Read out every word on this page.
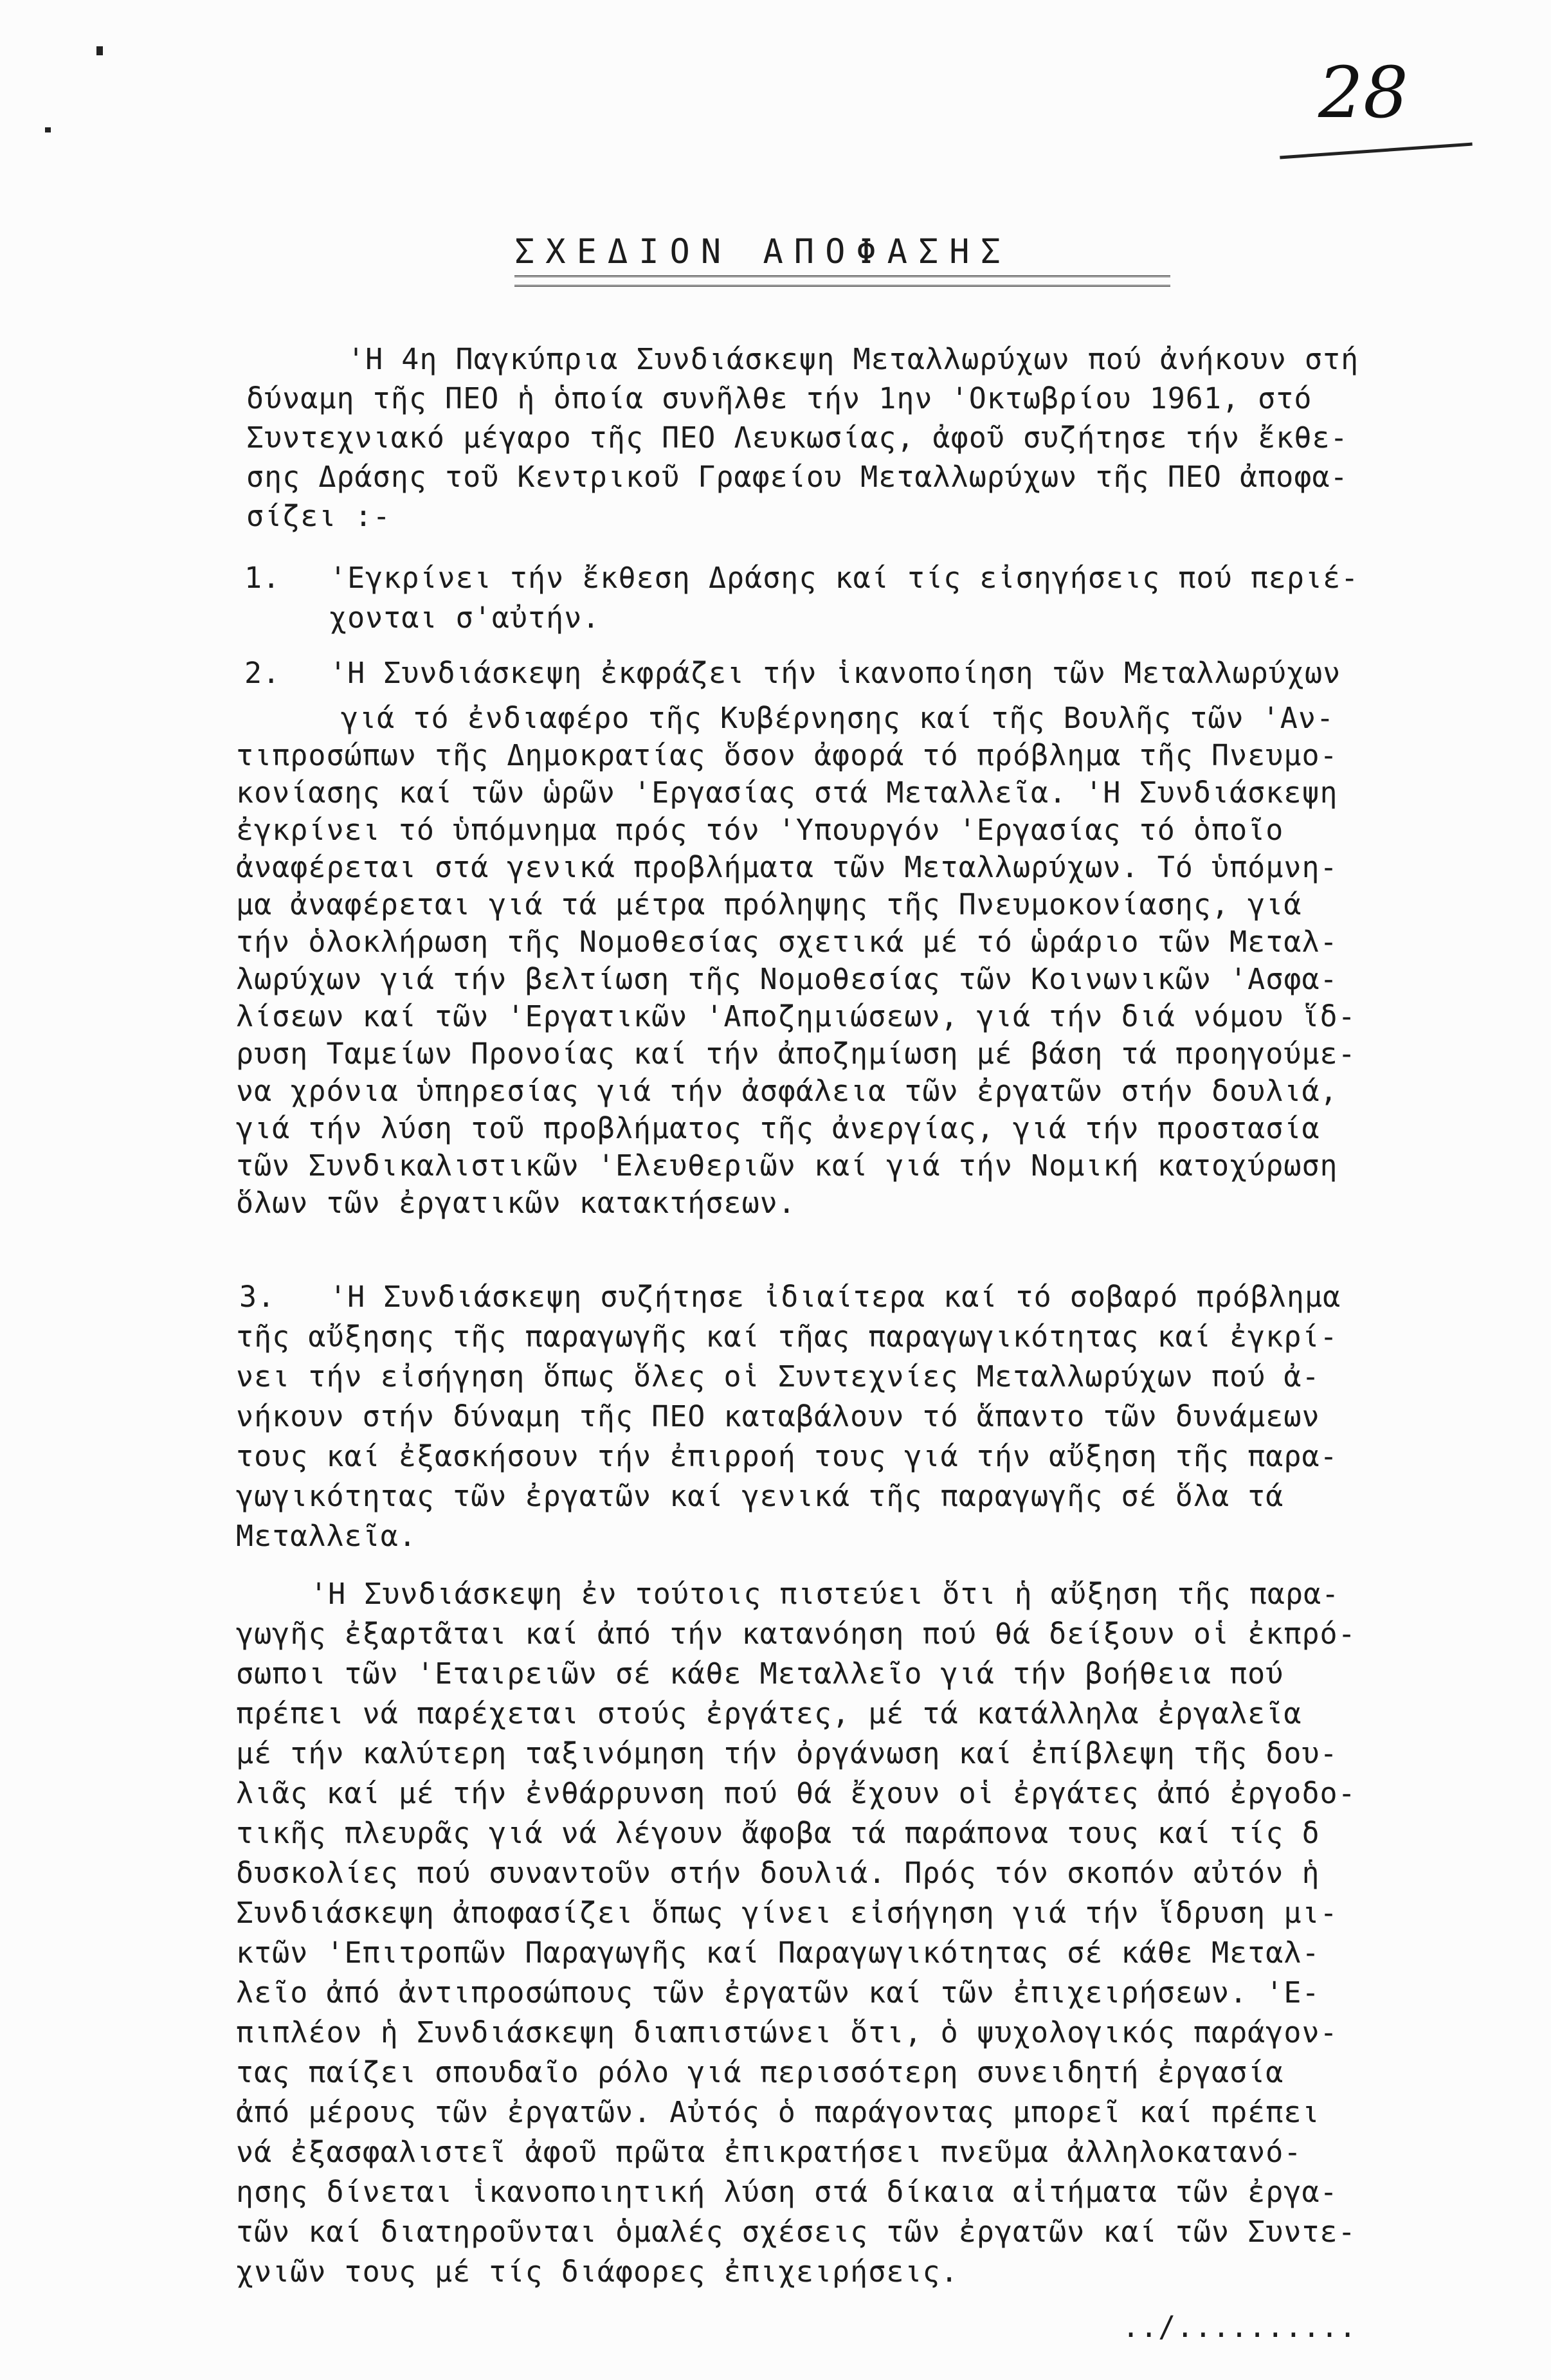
28
ΣΧΕΔΙΟΝ ΑΠΟΦΑΣΗΣ
'Η 4η Παγκύπρια Συνδιάσκεψη Μεταλλωρύχων πού ἀνήκουν στή
δύναμη τῆς ΠΕΟ ἡ ὁποία συνῆλθε τήν 1ην 'Οκτωβρίου 1961, στό
Συντεχνιακό μέγαρο τῆς ΠΕΟ Λευκωσίας, ἀφοῦ συζήτησε τήν ἔκθε-
σης Δράσης τοῦ Κεντρικοῦ Γραφείου Μεταλλωρύχων τῆς ΠΕΟ ἀποφα-
σίζει :-
1. 'Εγκρίνει τήν ἔκθεση Δράσης καί τίς εἰσηγήσεις πού περιέ-
χονται σ'αὐτήν.
2. 'Η Συνδιάσκεψη ἐκφράζει τήν ἱκανοποίηση τῶν Μεταλλωρύχων
γιά τό ἐνδιαφέρο τῆς Κυβέρνησης καί τῆς Βουλῆς τῶν 'Αν-
τιπροσώπων τῆς Δημοκρατίας ὅσον ἀφορά τό πρόβλημα τῆς Πνευμο-
κονίασης καί τῶν ὡρῶν 'Εργασίας στά Μεταλλεῖα. 'Η Συνδιάσκεψη
ἐγκρίνει τό ὑπόμνημα πρός τόν 'Υπουργόν 'Εργασίας τό ὁποῖο
ἀναφέρεται στά γενικά προβλήματα τῶν Μεταλλωρύχων. Τό ὑπόμνη-
μα ἀναφέρεται γιά τά μέτρα πρόληψης τῆς Πνευμοκονίασης, γιά
τήν ὁλοκλήρωση τῆς Νομοθεσίας σχετικά μέ τό ὡράριο τῶν Μεταλ-
λωρύχων γιά τήν βελτίωση τῆς Νομοθεσίας τῶν Κοινωνικῶν 'Ασφα-
λίσεων καί τῶν 'Εργατικῶν 'Αποζημιώσεων, γιά τήν διά νόμου ἵδ-
ρυση Ταμείων Προνοίας καί τήν ἀποζημίωση μέ βάση τά προηγούμε-
να χρόνια ὑπηρεσίας γιά τήν ἀσφάλεια τῶν ἐργατῶν στήν δουλιά,
γιά τήν λύση τοῦ προβλήματος τῆς ἀνεργίας, γιά τήν προστασία
τῶν Συνδικαλιστικῶν 'Ελευθεριῶν καί γιά τήν Νομική κατοχύρωση
ὅλων τῶν ἐργατικῶν κατακτήσεων.
3. 'Η Συνδιάσκεψη συζήτησε ἰδιαίτερα καί τό σοβαρό πρόβλημα
τῆς αὔξησης τῆς παραγωγῆς καί τῆας παραγωγικότητας καί ἐγκρί-
νει τήν εἰσήγηση ὅπως ὅλες οἱ Συντεχνίες Μεταλλωρύχων πού ἀ-
νήκουν στήν δύναμη τῆς ΠΕΟ καταβάλουν τό ἅπαντο τῶν δυνάμεων
τους καί ἐξασκήσουν τήν ἐπιρροή τους γιά τήν αὔξηση τῆς παρα-
γωγικότητας τῶν ἐργατῶν καί γενικά τῆς παραγωγῆς σέ ὅλα τά
Μεταλλεῖα.
'Η Συνδιάσκεψη ἐν τούτοις πιστεύει ὅτι ἡ αὔξηση τῆς παρα-
γωγῆς ἐξαρτᾶται καί ἀπό τήν κατανόηση πού θά δείξουν οἱ ἐκπρό-
σωποι τῶν 'Εταιρειῶν σέ κάθε Μεταλλεῖο γιά τήν βοήθεια πού
πρέπει νά παρέχεται στούς ἐργάτες, μέ τά κατάλληλα ἐργαλεῖα
μέ τήν καλύτερη ταξινόμηση τήν ὀργάνωση καί ἐπίβλεψη τῆς δου-
λιᾶς καί μέ τήν ἐνθάρρυνση πού θά ἔχουν οἱ ἐργάτες ἀπό ἐργοδο-
τικῆς πλευρᾶς γιά νά λέγουν ἄφοβα τά παράπονα τους καί τίς δ
δυσκολίες πού συναντοῦν στήν δουλιά. Πρός τόν σκοπόν αὐτόν ἡ
Συνδιάσκεψη ἀποφασίζει ὅπως γίνει εἰσήγηση γιά τήν ἵδρυση μι-
κτῶν 'Επιτροπῶν Παραγωγῆς καί Παραγωγικότητας σέ κάθε Μεταλ-
λεῖο ἀπό ἀντιπροσώπους τῶν ἐργατῶν καί τῶν ἐπιχειρήσεων. 'Ε-
πιπλέον ἡ Συνδιάσκεψη διαπιστώνει ὅτι, ὁ ψυχολογικός παράγον-
τας παίζει σπουδαῖο ρόλο γιά περισσότερη συνειδητή ἐργασία
ἀπό μέρους τῶν ἐργατῶν. Αὐτός ὁ παράγοντας μπορεῖ καί πρέπει
νά ἐξασφαλιστεῖ ἀφοῦ πρῶτα ἐπικρατήσει πνεῦμα ἀλληλοκατανό-
ησης δίνεται ἱκανοποιητική λύση στά δίκαια αἰτήματα τῶν ἐργα-
τῶν καί διατηροῦνται ὁμαλές σχέσεις τῶν ἐργατῶν καί τῶν Συντε-
χνιῶν τους μέ τίς διάφορες ἐπιχειρήσεις.
../..........
